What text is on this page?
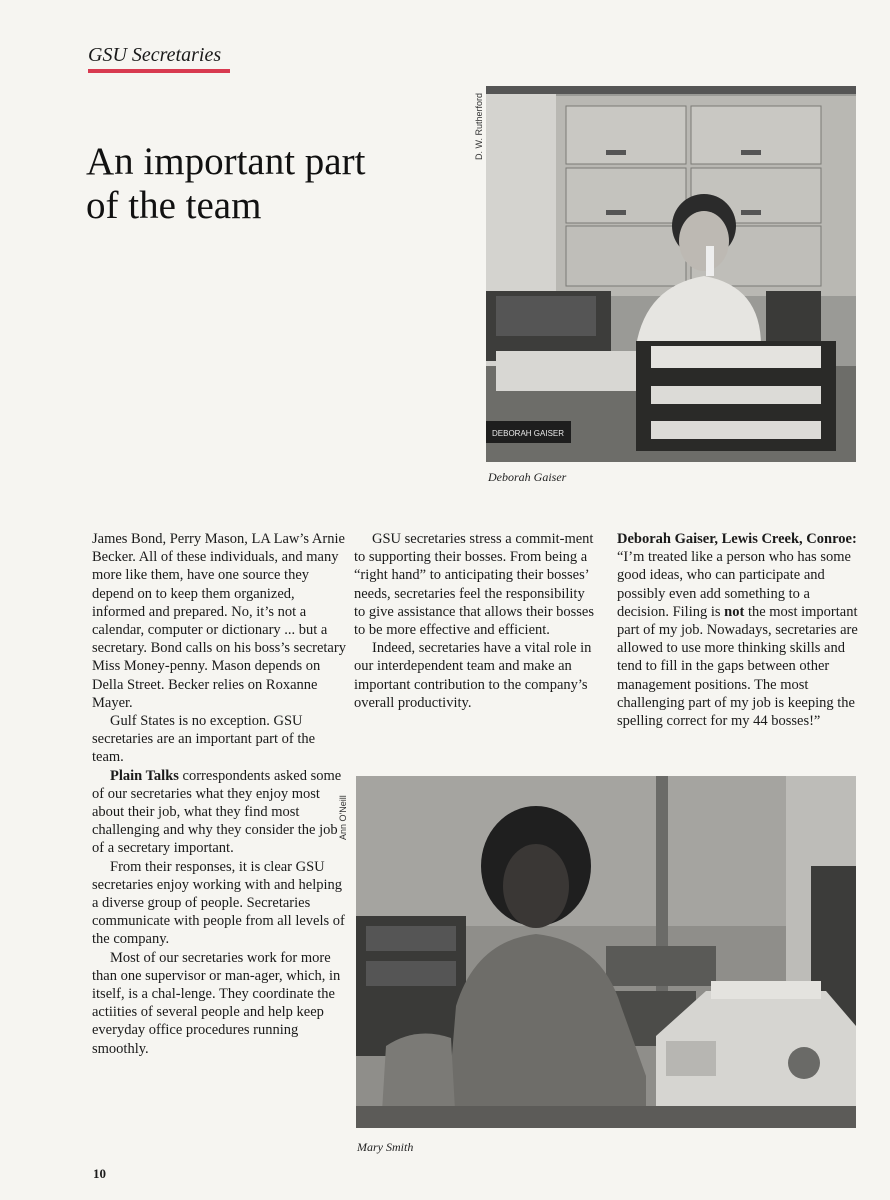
GSU Secretaries
An important part
of the team
D. W. Rutherford
DEBORAH GAISER
Deborah Gaiser

James Bond, Perry Mason, LA Law’s Arnie Becker. All of these individuals, and many more like them, have one source they depend on to keep them organized, informed and prepared. No, it’s not a calendar, computer or dictionary ... but a secretary. Bond calls on his boss’s secretary Miss Money-penny. Mason depends on Della Street. Becker relies on Roxanne Mayer.

Gulf States is no exception. GSU secretaries are an important part of the team.

Plain Talks correspondents asked some of our secretaries what they enjoy most about their job, what they find most challenging and why they consider the job of a secretary important.

From their responses, it is clear GSU secretaries enjoy working with and helping a diverse group of people. Secretaries communicate with people from all levels of the company.

Most of our secretaries work for more than one supervisor or man-ager, which, in itself, is a chal-lenge. They coordinate the actiities of several people and help keep everyday office procedures running smoothly.

GSU secretaries stress a commit-ment to supporting their bosses. From being a “right hand” to anticipating their bosses’ needs, secretaries feel the responsibility to give assistance that allows their bosses to be more effective and efficient.

Indeed, secretaries have a vital role in our interdependent team and make an important contribution to the company’s overall productivity.

Deborah Gaiser, Lewis Creek, Conroe: “I’m treated like a person who has some good ideas, who can participate and possibly even add something to a decision. Filing is not the most important part of my job. Nowadays, secretaries are allowed to use more thinking skills and tend to fill in the gaps between other management positions. The most challenging part of my job is keeping the spelling correct for my 44 bosses!”

Ann O'Neill
Mary Smith
10
